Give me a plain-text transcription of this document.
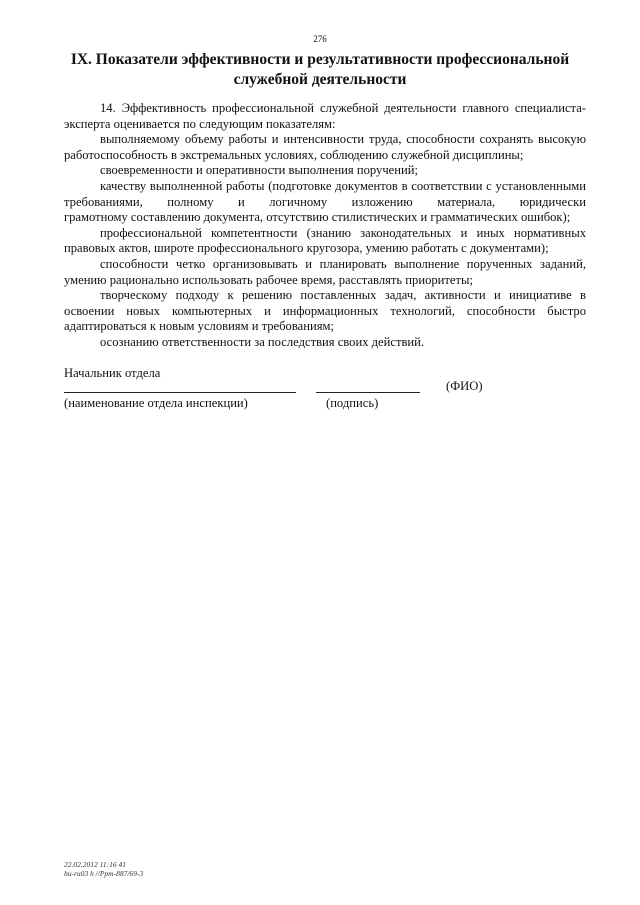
276
IX. Показатели эффективности и результативности профессиональной
служебной деятельности

14. Эффективность профессиональной служебной деятельности главного специалиста-
эксперта оценивается по следующим показателям:

выполняемому объему работы и интенсивности труда, способности сохранять высокую
работоспособность в экстремальных условиях, соблюдению служебной дисциплины;

своевременности и оперативности выполнения поручений;

качеству выполненной работы (подготовке документов в соответствии с установленными требованиями, полному и логичному изложению материала, юридически
грамотному составлению документа, отсутствию стилистических и грамматических ошибок);

профессиональной компетентности (знанию законодательных и иных нормативных
правовых актов, широте профессионального кругозора, умению работать с документами);

способности четко организовывать и планировать выполнение порученных заданий,
умению рационально использовать рабочее время, расставлять приоритеты;

творческому подходу к решению поставленных задач, активности и инициативе в освоении новых компьютерных и информационных технологий, способности быстро
адаптироваться к новым условиям и требованиям;

осознанию ответственности за последствия своих действий.

Начальник отдела
(ФИО)
(наименование отдела инспекции)	(подпись)
22.02.2012 11:16 41
bu-ru03 h //Ppm-887/69-3
